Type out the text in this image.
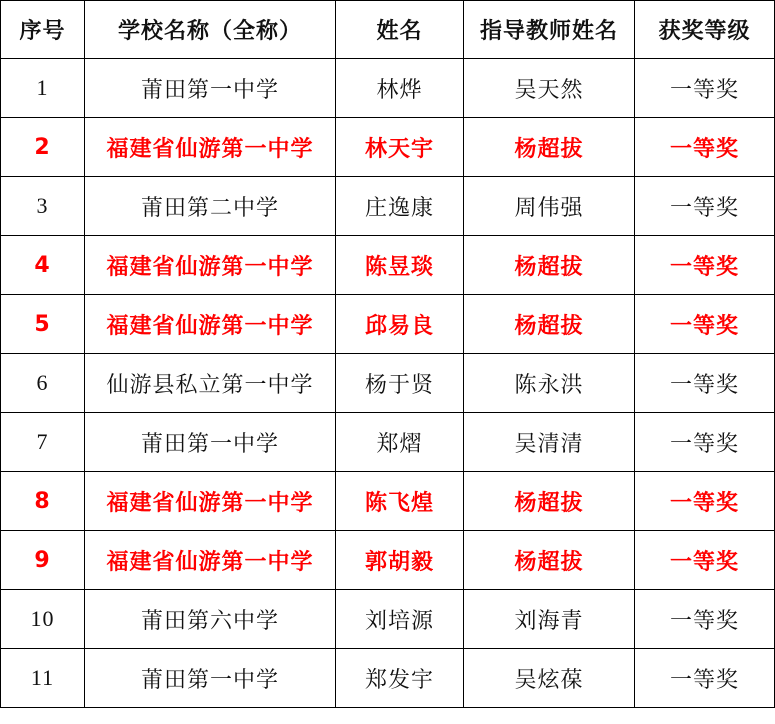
序号	学校名称（全称）	姓名	指导教师姓名	获奖等级
1	莆田第一中学	林烨	吴天然	一等奖
2	福建省仙游第一中学	林天宇	杨超拔	一等奖
3	莆田第二中学	庄逸康	周伟强	一等奖
4	福建省仙游第一中学	陈昱琰	杨超拔	一等奖
5	福建省仙游第一中学	邱易良	杨超拔	一等奖
6	仙游县私立第一中学	杨于贤	陈永洪	一等奖
7	莆田第一中学	郑熠	吴清清	一等奖
8	福建省仙游第一中学	陈飞煌	杨超拔	一等奖
9	福建省仙游第一中学	郭胡毅	杨超拔	一等奖
10	莆田第六中学	刘培源	刘海青	一等奖
11	莆田第一中学	郑发宇	吴炫葆	一等奖
